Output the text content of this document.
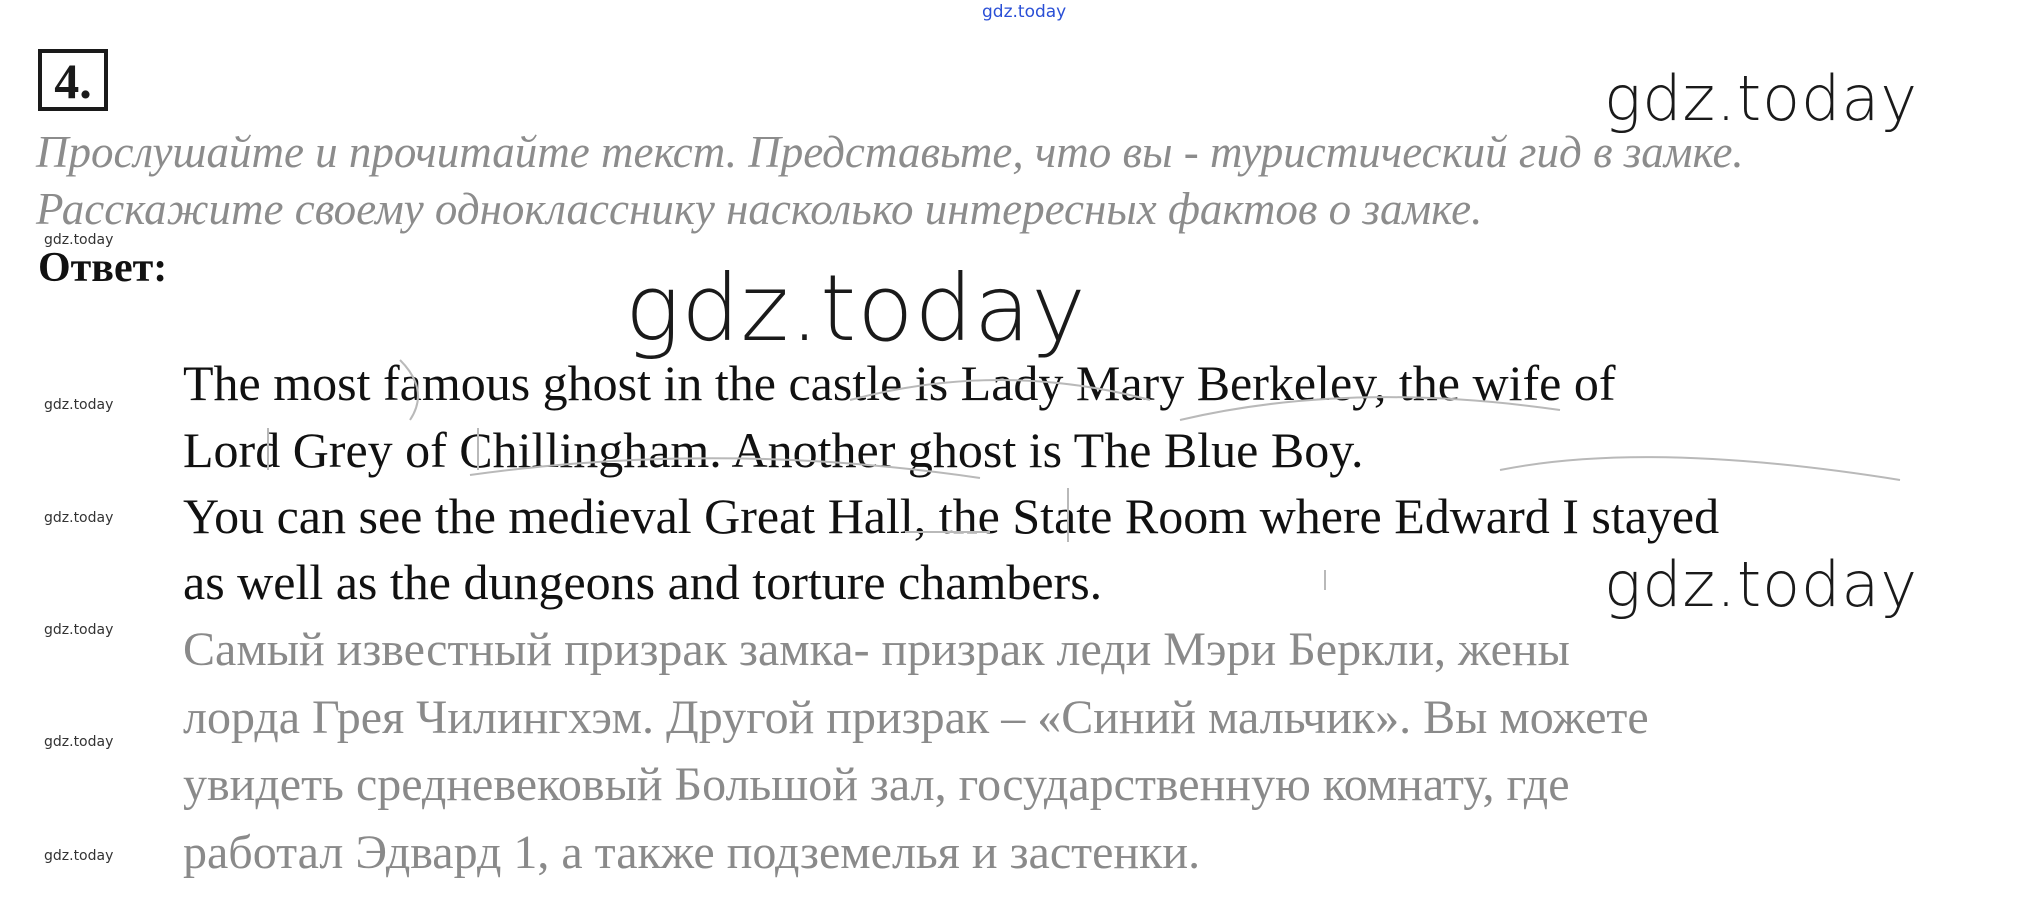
gdz.today
4.	gdz.today
gdz.today
gdz.today
Прослушайте и прочитайте текст. Представьте, что вы - туристический гид в замке.
Расскажите своему однокласснику насколько интересных фактов о замке.
gdz.today
gdz.today
gdz.today
gdz.today
gdz.today
gdz.today
Ответ:
The most famous ghost in the castle is Lady Mary Berkeley, the wife of
Lord Grey of Chillingham. Another ghost is The Blue Boy.
You can see the medieval Great Hall, the State Room where Edward I stayed
as well as the dungeons and torture chambers.
Самый известный призрак замка- призрак леди Мэри Беркли, жены
лорда Грея Чилингхэм. Другой призрак – «Синий мальчик». Вы можете
увидеть средневековый Большой зал, государственную комнату, где
работал Эдвард 1, а также подземелья и застенки.
